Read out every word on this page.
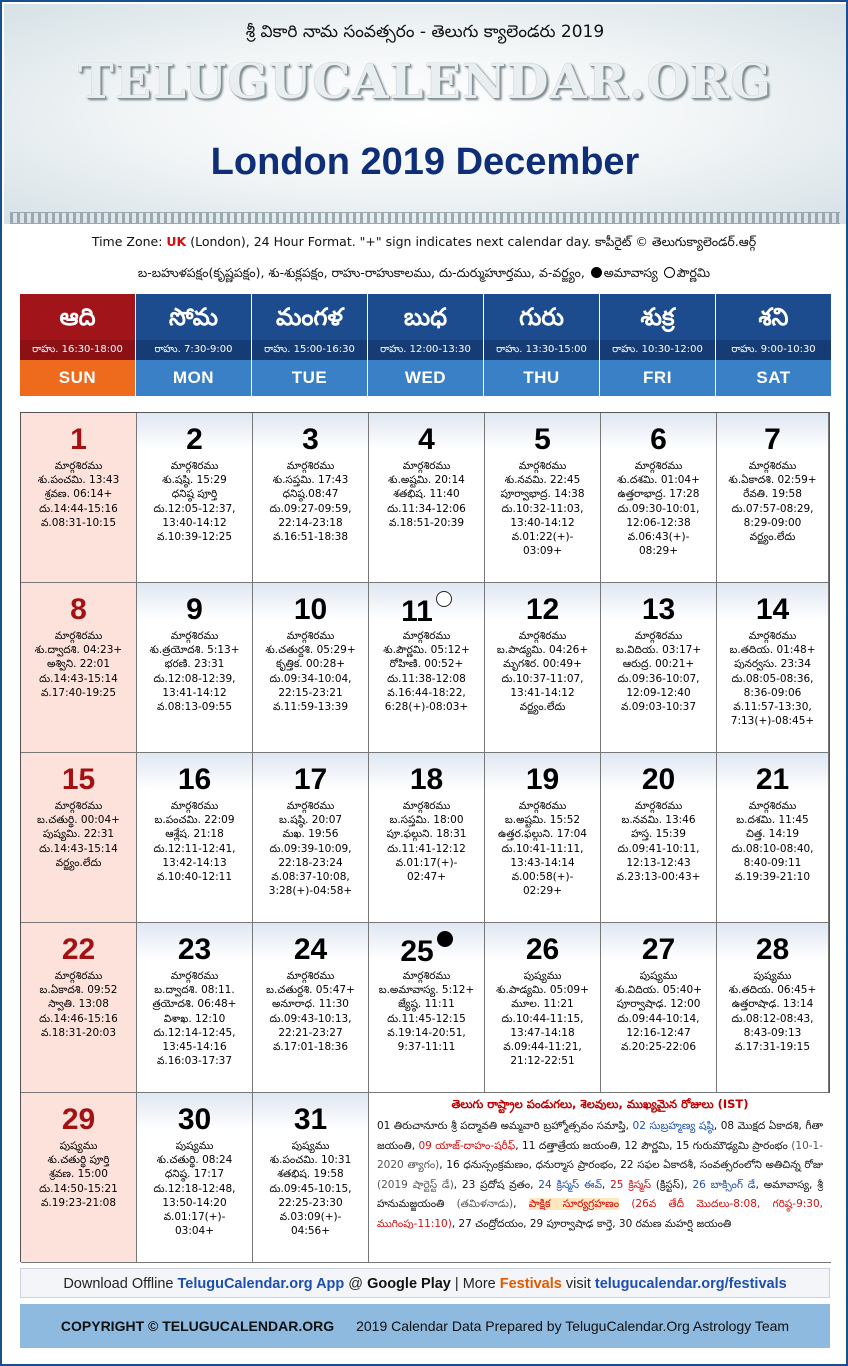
శ్రీ వికారి నామ సంవత్సరం - తెలుగు క్యాలెండరు 2019
TELUGUCALENDAR.ORG
London 2019 December
Time Zone: UK (London), 24 Hour Format. "+" sign indicates next calendar day. కాపీరైట్ © తెలుగుక్యాలెండర్.ఆర్గ్
బ-బహుళపక్షం(కృష్ణపక్షం), శు-శుక్లపక్షం, రాహు-రాహుకాలము, దు-దుర్ముహూర్తము, వ-వర్జ్యం, అమావాస్య పౌర్ణమి
ఆది
రాహు. 16:30-18:00
SUN
సోమ
రాహు. 7:30-9:00
MON
మంగళ
రాహు. 15:00-16:30
TUE
బుధ
రాహు. 12:00-13:30
WED
గురు
రాహు. 13:30-15:00
THU
శుక్ర
రాహు. 10:30-12:00
FRI
శని
రాహు. 9:00-10:30
SAT
తెలుగు రాష్ట్రాల పండుగలు, శెలవులు, ముఖ్యమైన రోజులు (IST)
01 తిరుచానూరు శ్రీ పద్మావతి అమ్మవారి బ్రహ్మోత్సవం సమాప్తి, 02 సుబ్రహ్మణ్య షష్ఠి, 08 మొక్షద ఏకాదశి, గీతా జయంతి, 09 యాజ్-దాహం-షరీఫ్, 11 దత్తాత్రేయ జయంతి, 12 పౌర్ణమి, 15 గురుమౌఢ్యమి ప్రారంభం (10-1-2020 త్యాగం), 16 ధనుస్సంక్రమణం, ధనుర్మాస ప్రారంభం, 22 సఫల ఏకాదశీ, సంవత్సరంలోని అతిచిన్న రోజు (2019 షార్టెస్ట్ డే), 23 ప్రదోష వ్రతం, 24 క్రిస్మస్ ఈవ్, 25 క్రిస్మస్ (క్రిస్టస్), 26 బాక్సింగ్ డే, అమావాస్య, శ్రీ హనుమజ్జయంతి (తమిళనాడు), పాక్షిక సూర్యగ్రహణం (26వ తేదీ మొదలు-8:08, గరిష్ఠ-9:30, ముగింపు-11:10), 27 చంద్రోదయం, 29 పూర్వాషాఢ కార్తె, 30 రమణ మహర్షి జయంతి
1
మార్గశిరము
శు.పంచమి. 13:43
శ్రవణ. 06:14+
దు.14:44-15:16
వ.08:31-10:15
2
మార్గశిరము
శు.షష్ఠి. 15:29
ధనిష్ఠ పూర్తి
దు.12:05-12:37,
13:40-14:12
వ.10:39-12:25
3
మార్గశిరము
శు.సప్తమి. 17:43
ధనిష్ఠ.08:47
దు.09:27-09:59,
22:14-23:18
వ.16:51-18:38
4
మార్గశిరము
శు.అష్టమి. 20:14
శతభిష. 11:40
దు.11:34-12:06
వ.18:51-20:39
5
మార్గశిరము
శు.నవమి. 22:45
పూర్వాభాద్ర. 14:38
దు.10:32-11:03,
13:40-14:12
వ.01:22(+)-
03:09+
6
మార్గశిరము
శు.దశమి. 01:04+
ఉత్తరాభాద్ర. 17:28
దు.09:30-10:01,
12:06-12:38
వ.06:43(+)-
08:29+
7
మార్గశిరము
శు.ఏకాదశి. 02:59+
రేవతి. 19:58
దు.07:57-08:29,
8:29-09:00
వర్జ్యం.లేదు
8
మార్గశిరము
శు.ద్వాదశి. 04:23+
అశ్విని. 22:01
దు.14:43-15:14
వ.17:40-19:25
9
మార్గశిరము
శు.త్రయోదశి. 5:13+
భరణి. 23:31
దు.12:08-12:39,
13:41-14:12
వ.08:13-09:55
10
మార్గశిరము
శు.చతుర్దశి. 05:29+
కృత్తిక. 00:28+
దు.09:34-10:04,
22:15-23:21
వ.11:59-13:39
11
మార్గశిరము
శు.పౌర్ణమి. 05:12+
రోహిణి. 00:52+
దు.11:38-12:08
వ.16:44-18:22,
6:28(+)-08:03+
12
మార్గశిరము
బ.పాడ్యమి. 04:26+
మృగశిర. 00:49+
దు.10:37-11:07,
13:41-14:12
వర్జ్యం.లేదు
13
మార్గశిరము
బ.విదియ. 03:17+
ఆరుద్ర. 00:21+
దు.09:36-10:07,
12:09-12:40
వ.09:03-10:37
14
మార్గశిరము
బ.తదియ. 01:48+
పునర్వసు. 23:34
దు.08:05-08:36,
8:36-09:06
వ.11:57-13:30,
7:13(+)-08:45+
15
మార్గశిరము
బ.చతుర్థి. 00:04+
పుష్యమి. 22:31
దు.14:43-15:14
వర్జ్యం.లేదు
16
మార్గశిరము
బ.పంచమి. 22:09
ఆశ్లేష. 21:18
దు.12:11-12:41,
13:42-14:13
వ.10:40-12:11
17
మార్గశిరము
బ.షష్ఠి. 20:07
మఖ. 19:56
దు.09:39-10:09,
22:18-23:24
వ.08:37-10:08,
3:28(+)-04:58+
18
మార్గశిరము
బ.సప్తమి. 18:00
పూ.ఫల్గుని. 18:31
దు.11:41-12:12
వ.01:17(+)-
02:47+
19
మార్గశిరము
బ.అష్టమి. 15:52
ఉత్తర.ఫల్గుని. 17:04
దు.10:41-11:11,
13:43-14:14
వ.00:58(+)-
02:29+
20
మార్గశిరము
బ.నవమి. 13:46
హస్త. 15:39
దు.09:41-10:11,
12:13-12:43
వ.23:13-00:43+
21
మార్గశిరము
బ.దశమి. 11:45
చిత్త. 14:19
దు.08:10-08:40,
8:40-09:11
వ.19:39-21:10
22
మార్గశిరము
బ.ఏకాదశి. 09:52
స్వాతి. 13:08
దు.14:46-15:16
వ.18:31-20:03
23
మార్గశిరము
బ.ద్వాదశి. 08:11.
త్రయోదశి. 06:48+
విశాఖ. 12:10
దు.12:14-12:45,
13:45-14:16
వ.16:03-17:37
24
మార్గశిరము
బ.చతుర్దశి. 05:47+
అనూరాధ. 11:30
దు.09:43-10:13,
22:21-23:27
వ.17:01-18:36
25
మార్గశిరము
బ.అమావాస్య. 5:12+
జ్యేష్ఠ. 11:11
దు.11:45-12:15
వ.19:14-20:51,
9:37-11:11
26
పుష్యము
శు.పాడ్యమి. 05:09+
మూల. 11:21
దు.10:44-11:15,
13:47-14:18
వ.09:44-11:21,
21:12-22:51
27
పుష్యము
శు.విదియ. 05:40+
పూర్వాషాఢ. 12:00
దు.09:44-10:14,
12:16-12:47
వ.20:25-22:06
28
పుష్యము
శు.తదియ. 06:45+
ఉత్తరాషాఢ. 13:14
దు.08:12-08:43,
8:43-09:13
వ.17:31-19:15
29
పుష్యము
శు.చతుర్థి పూర్తి
శ్రవణ. 15:00
దు.14:50-15:21
వ.19:23-21:08
30
పుష్యము
శు.చతుర్థి. 08:24
ధనిష్ఠ. 17:17
దు.12:18-12:48,
13:50-14:20
వ.01:17(+)-
03:04+
31
పుష్యము
శు.పంచమి. 10:31
శతభిష. 19:58
దు.09:45-10:15,
22:25-23:30
వ.03:09(+)-
04:56+
Download Offline TeluguCalendar.org App @ Google Play | More Festivals visit telugucalendar.org/festivals
COPYRIGHT © TELUGUCALENDAR.ORG 2019 Calendar Data Prepared by TeluguCalendar.Org Astrology Team
